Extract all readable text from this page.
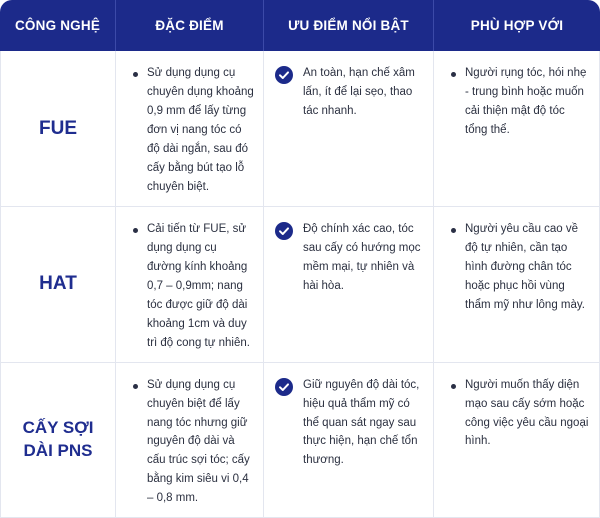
CÔNG NGHỆ	ĐẶC ĐIỂM	ƯU ĐIỂM NỔI BẬT	PHÙ HỢP VỚI
FUE	Sử dụng dụng cụ chuyên dụng khoảng 0,9 mm để lấy từng đơn vị nang tóc có độ dài ngắn, sau đó cấy bằng bút tạo lỗ chuyên biệt.	An toàn, hạn chế xâm lấn, ít để lại sẹo, thao tác nhanh.	Người rụng tóc, hói nhẹ - trung bình hoặc muốn cải thiện mật độ tóc tổng thể.

HAT	Cải tiến từ FUE, sử dụng dụng cụ đường kính khoảng 0,7 – 0,9mm; nang tóc được giữ độ dài khoảng 1cm và duy trì độ cong tự nhiên.	Độ chính xác cao, tóc sau cấy có hướng mọc mềm mại, tự nhiên và hài hòa.	Người yêu cầu cao về độ tự nhiên, cần tạo hình đường chân tóc hoặc phục hồi vùng thẩm mỹ như lông mày.

CẤY SỢI DÀI PNS	Sử dụng dụng cụ chuyên biệt để lấy nang tóc nhưng giữ nguyên độ dài và cấu trúc sợi tóc; cấy bằng kim siêu vi 0,4 – 0,8 mm.	Giữ nguyên độ dài tóc, hiệu quả thẩm mỹ có thể quan sát ngay sau thực hiện, hạn chế tổn thương.	Người muốn thấy diện mạo sau cấy sớm hoặc công việc yêu cầu ngoại hình.
